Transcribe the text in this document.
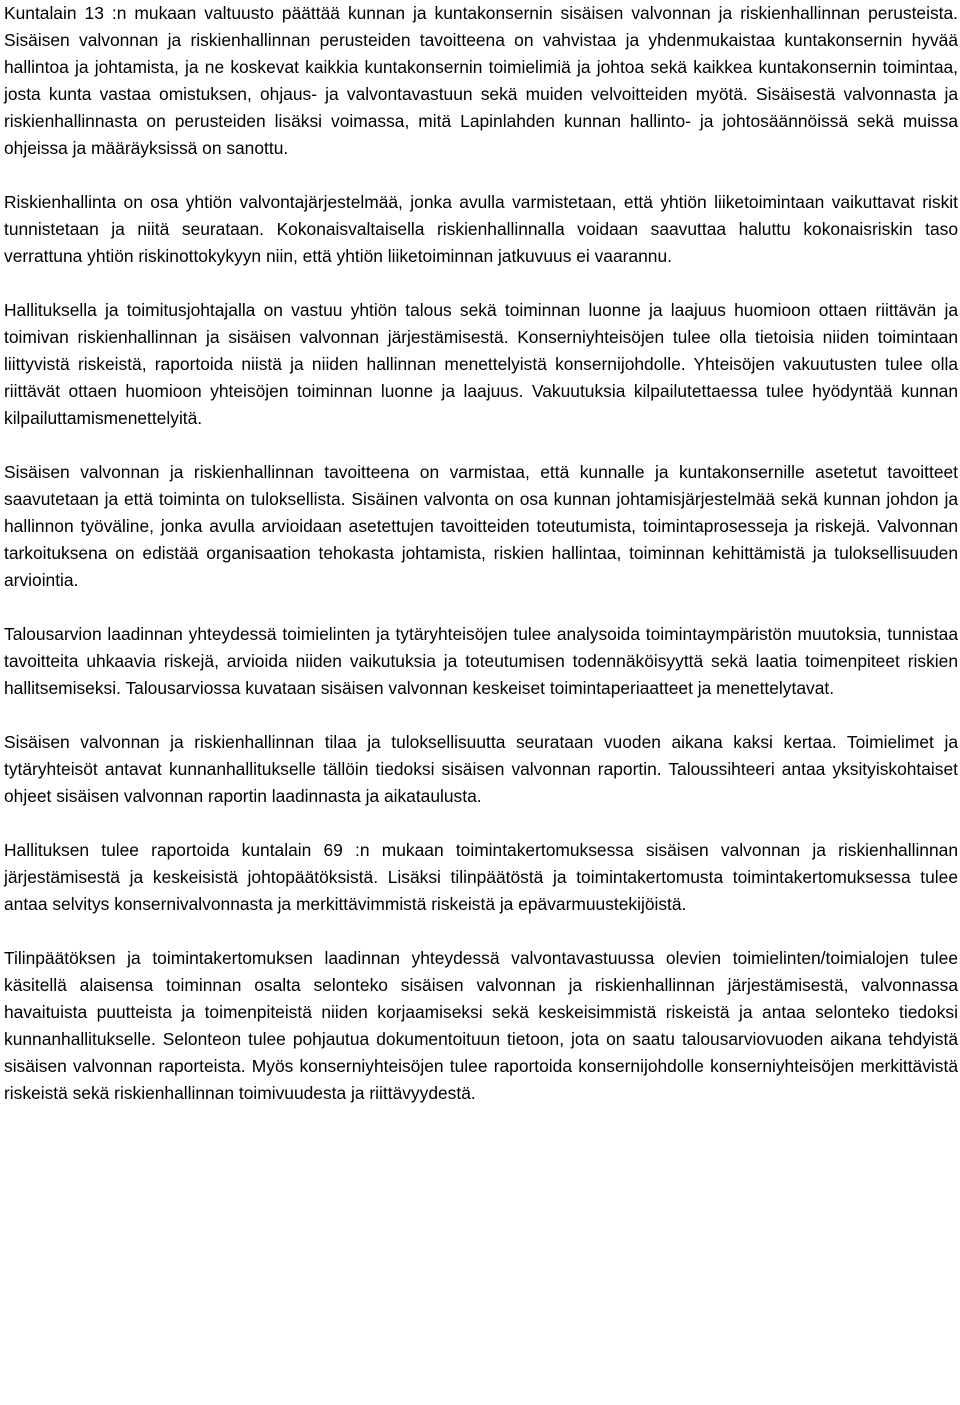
Kuntalain 13 :n mukaan valtuusto päättää kunnan ja kuntakonsernin sisäisen valvonnan ja riskienhallinnan perusteista. Sisäisen valvonnan ja riskienhallinnan perusteiden tavoitteena on vahvistaa ja yhdenmukaistaa kuntakonsernin hyvää hallintoa ja johtamista, ja ne koskevat kaikkia kuntakonsernin toimielimiä ja johtoa sekä kaikkea kuntakonsernin toimintaa, josta kunta vastaa omistuksen, ohjaus- ja valvontavastuun sekä muiden velvoitteiden myötä. Sisäisestä valvonnasta ja riskienhallinnasta on perusteiden lisäksi voimassa, mitä Lapinlahden kunnan hallinto- ja johtosäännöissä sekä muissa ohjeissa ja määräyksissä on sanottu.

Riskienhallinta on osa yhtiön valvontajärjestelmää, jonka avulla varmistetaan, että yhtiön liiketoimintaan vaikuttavat riskit tunnistetaan ja niitä seurataan. Kokonaisvaltaisella riskienhallinnalla voidaan saavuttaa haluttu kokonaisriskin taso verrattuna yhtiön riskinottokykyyn niin, että yhtiön liiketoiminnan jatkuvuus ei vaarannu.

Hallituksella ja toimitusjohtajalla on vastuu yhtiön talous sekä toiminnan luonne ja laajuus huomioon ottaen riittävän ja toimivan riskienhallinnan ja sisäisen valvonnan järjestämisestä. Konserniyhteisöjen tulee olla tietoisia niiden toimintaan liittyvistä riskeistä, raportoida niistä ja niiden hallinnan menettelyistä konsernijohdolle. Yhteisöjen vakuutusten tulee olla riittävät ottaen huomioon yhteisöjen toiminnan luonne ja laajuus. Vakuutuksia kilpailutettaessa tulee hyödyntää kunnan kilpailuttamismenettelyitä.

Sisäisen valvonnan ja riskienhallinnan tavoitteena on varmistaa, että kunnalle ja kuntakonsernille asetetut tavoitteet saavutetaan ja että toiminta on tuloksellista. Sisäinen valvonta on osa kunnan johtamisjärjestelmää sekä kunnan johdon ja hallinnon työväline, jonka avulla arvioidaan asetettujen tavoitteiden toteutumista, toimintaprosesseja ja riskejä. Valvonnan tarkoituksena on edistää organisaation tehokasta johtamista, riskien hallintaa, toiminnan kehittämistä ja tuloksellisuuden arviointia.

Talousarvion laadinnan yhteydessä toimielinten ja tytäryhteisöjen tulee analysoida toimintaympäristön muutoksia, tunnistaa tavoitteita uhkaavia riskejä, arvioida niiden vaikutuksia ja toteutumisen todennäköisyyttä sekä laatia toimenpiteet riskien hallitsemiseksi. Talousarviossa kuvataan sisäisen valvonnan keskeiset toimintaperiaatteet ja menettelytavat.

Sisäisen valvonnan ja riskienhallinnan tilaa ja tuloksellisuutta seurataan vuoden aikana kaksi kertaa. Toimielimet ja tytäryhteisöt antavat kunnanhallitukselle tällöin tiedoksi sisäisen valvonnan raportin. Taloussihteeri antaa yksityiskohtaiset ohjeet sisäisen valvonnan raportin laadinnasta ja aikataulusta.

Hallituksen tulee raportoida kuntalain 69 :n mukaan toimintakertomuksessa sisäisen valvonnan ja riskienhallinnan järjestämisestä ja keskeisistä johtopäätöksistä. Lisäksi tilinpäätöstä ja toimintakertomusta toimintakertomuksessa tulee antaa selvitys konsernivalvonnasta ja merkittävimmistä riskeistä ja epävarmuustekijöistä.

Tilinpäätöksen ja toimintakertomuksen laadinnan yhteydessä valvontavastuussa olevien toimielinten/toimialojen tulee käsitellä alaisensa toiminnan osalta selonteko sisäisen valvonnan ja riskienhallinnan järjestämisestä, valvonnassa havaituista puutteista ja toimenpiteistä niiden korjaamiseksi sekä keskeisimmistä riskeistä ja antaa selonteko tiedoksi kunnanhallitukselle. Selonteon tulee pohjautua dokumentoituun tietoon, jota on saatu talousarviovuoden aikana tehdyistä sisäisen valvonnan raporteista. Myös konserniyhteisöjen tulee raportoida konsernijohdolle konserniyhteisöjen merkittävistä riskeistä sekä riskienhallinnan toimivuudesta ja riittävyydestä.
